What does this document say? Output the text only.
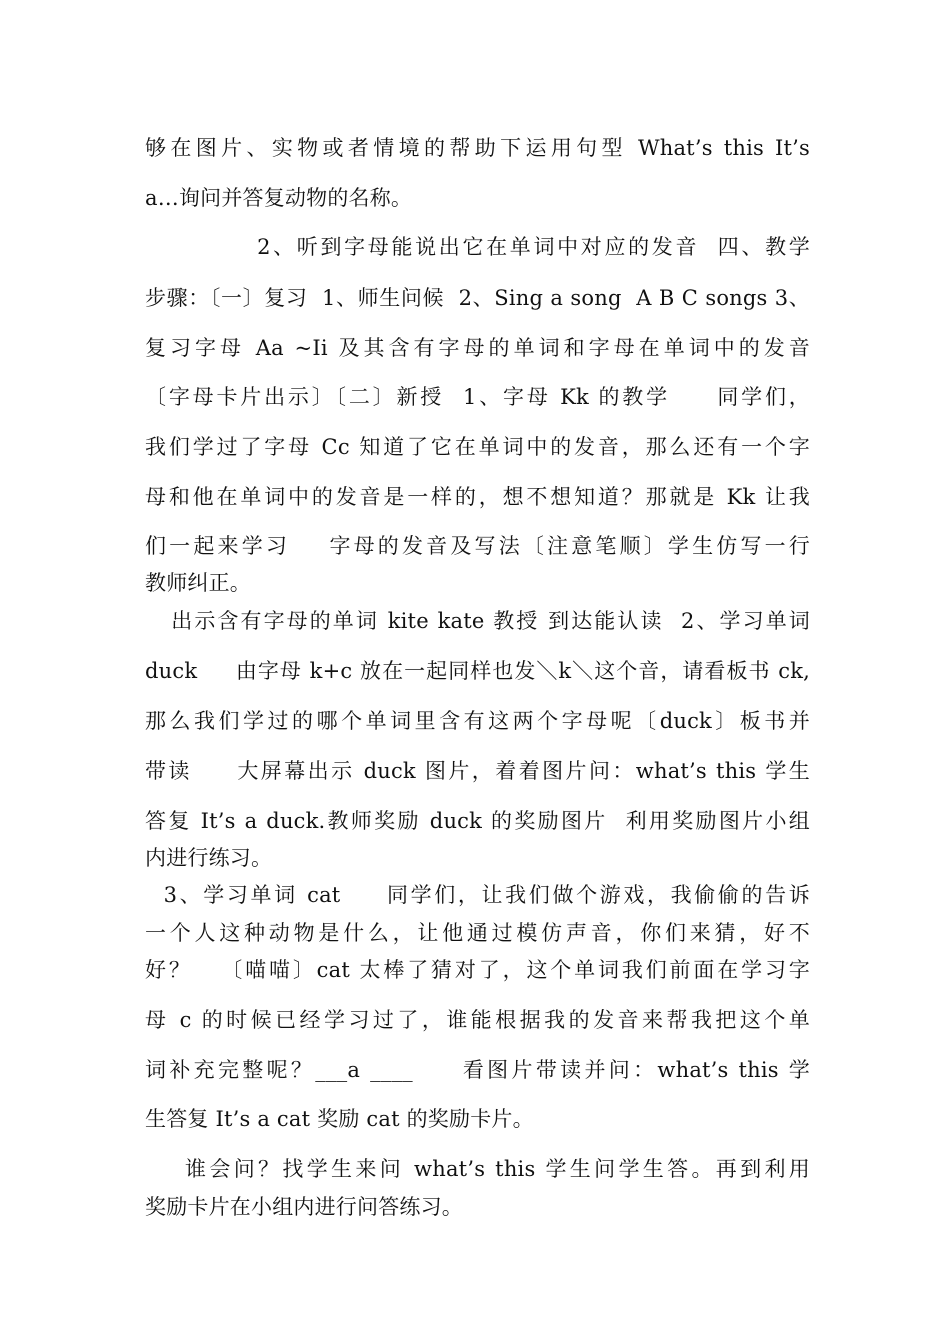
够在图片、实物或者情境的帮助下运用句型 What’s this It’s
a…询问并答复动物的名称。
2、听到字母能说出它在单词中对应的发音  四、教学
步骤：〔一〕复习  1、师生问候  2、Sing a song  A B C songs 3、
复习字母 Aa ~Ii 及其含有字母的单词和字母在单词中的发音
〔字母卡片出示〕〔二〕新授  1、字母 Kk 的教学     同学们，
我们学过了字母 Cc 知道了它在单词中的发音，那么还有一个字
母和他在单词中的发音是一样的，想不想知道？那就是 Kk 让我
们一起来学习    字母的发音及写法〔注意笔顺〕学生仿写一行
教师纠正。
出示含有字母的单词 kite kate 教授 到达能认读  2、学习单词
duck     由字母 k+c 放在一起同样也发＼k＼这个音，请看板书 ck,
那么我们学过的哪个单词里含有这两个字母呢〔duck〕板书并
带读     大屏幕出示 duck 图片，着着图片问：what’s this 学生
答复 It’s a duck.教师奖励 duck 的奖励图片  利用奖励图片小组
内进行练习。
3、学习单词 cat     同学们，让我们做个游戏，我偷偷的告诉
一个人这种动物是什么，让他通过模仿声音，你们来猜，好不
好？   〔喵喵〕cat 太棒了猜对了，这个单词我们前面在学习字
母 c 的时候已经学习过了，谁能根据我的发音来帮我把这个单
词补充完整呢？___a ____     看图片带读并问：what’s this 学
生答复 It’s a cat 奖励 cat 的奖励卡片。
谁会问？找学生来问 what’s this 学生问学生答。再到利用
奖励卡片在小组内进行问答练习。
